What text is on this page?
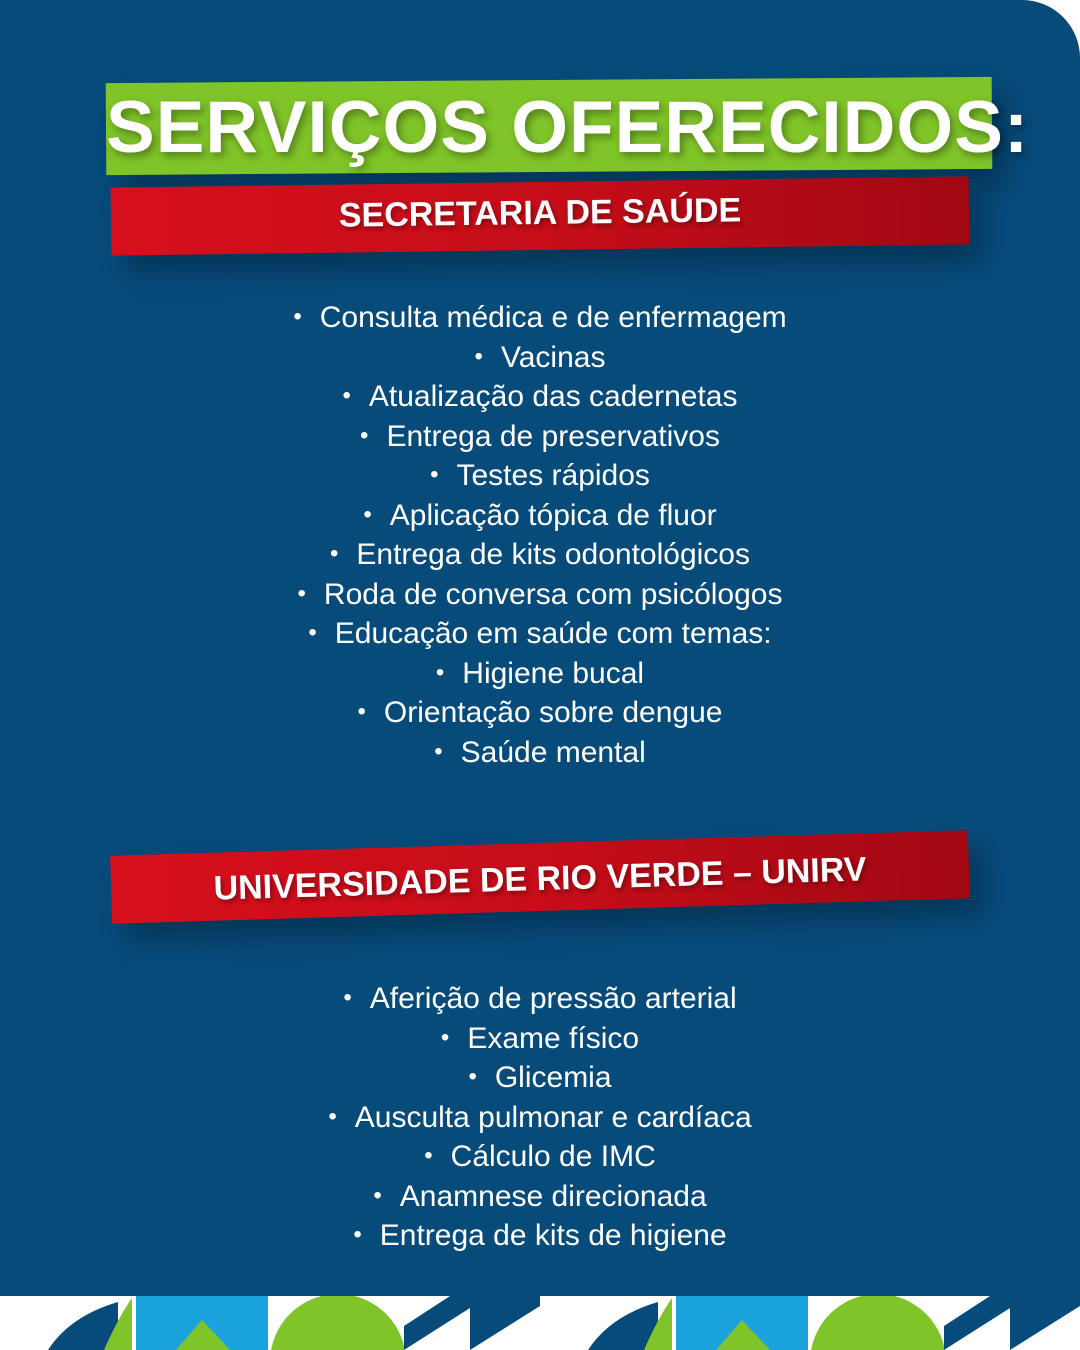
SERVIÇOS OFERECIDOS:
SECRETARIA DE SAÚDE
• Consulta médica e de enfermagem
• Vacinas
• Atualização das cadernetas
• Entrega de preservativos
• Testes rápidos
• Aplicação tópica de fluor
• Entrega de kits odontológicos
• Roda de conversa com psicólogos
• Educação em saúde com temas:
• Higiene bucal
• Orientação sobre dengue
• Saúde mental
UNIVERSIDADE DE RIO VERDE – UNIRV
• Aferição de pressão arterial
• Exame físico
• Glicemia
• Ausculta pulmonar e cardíaca
• Cálculo de IMC
• Anamnese direcionada
• Entrega de kits de higiene
